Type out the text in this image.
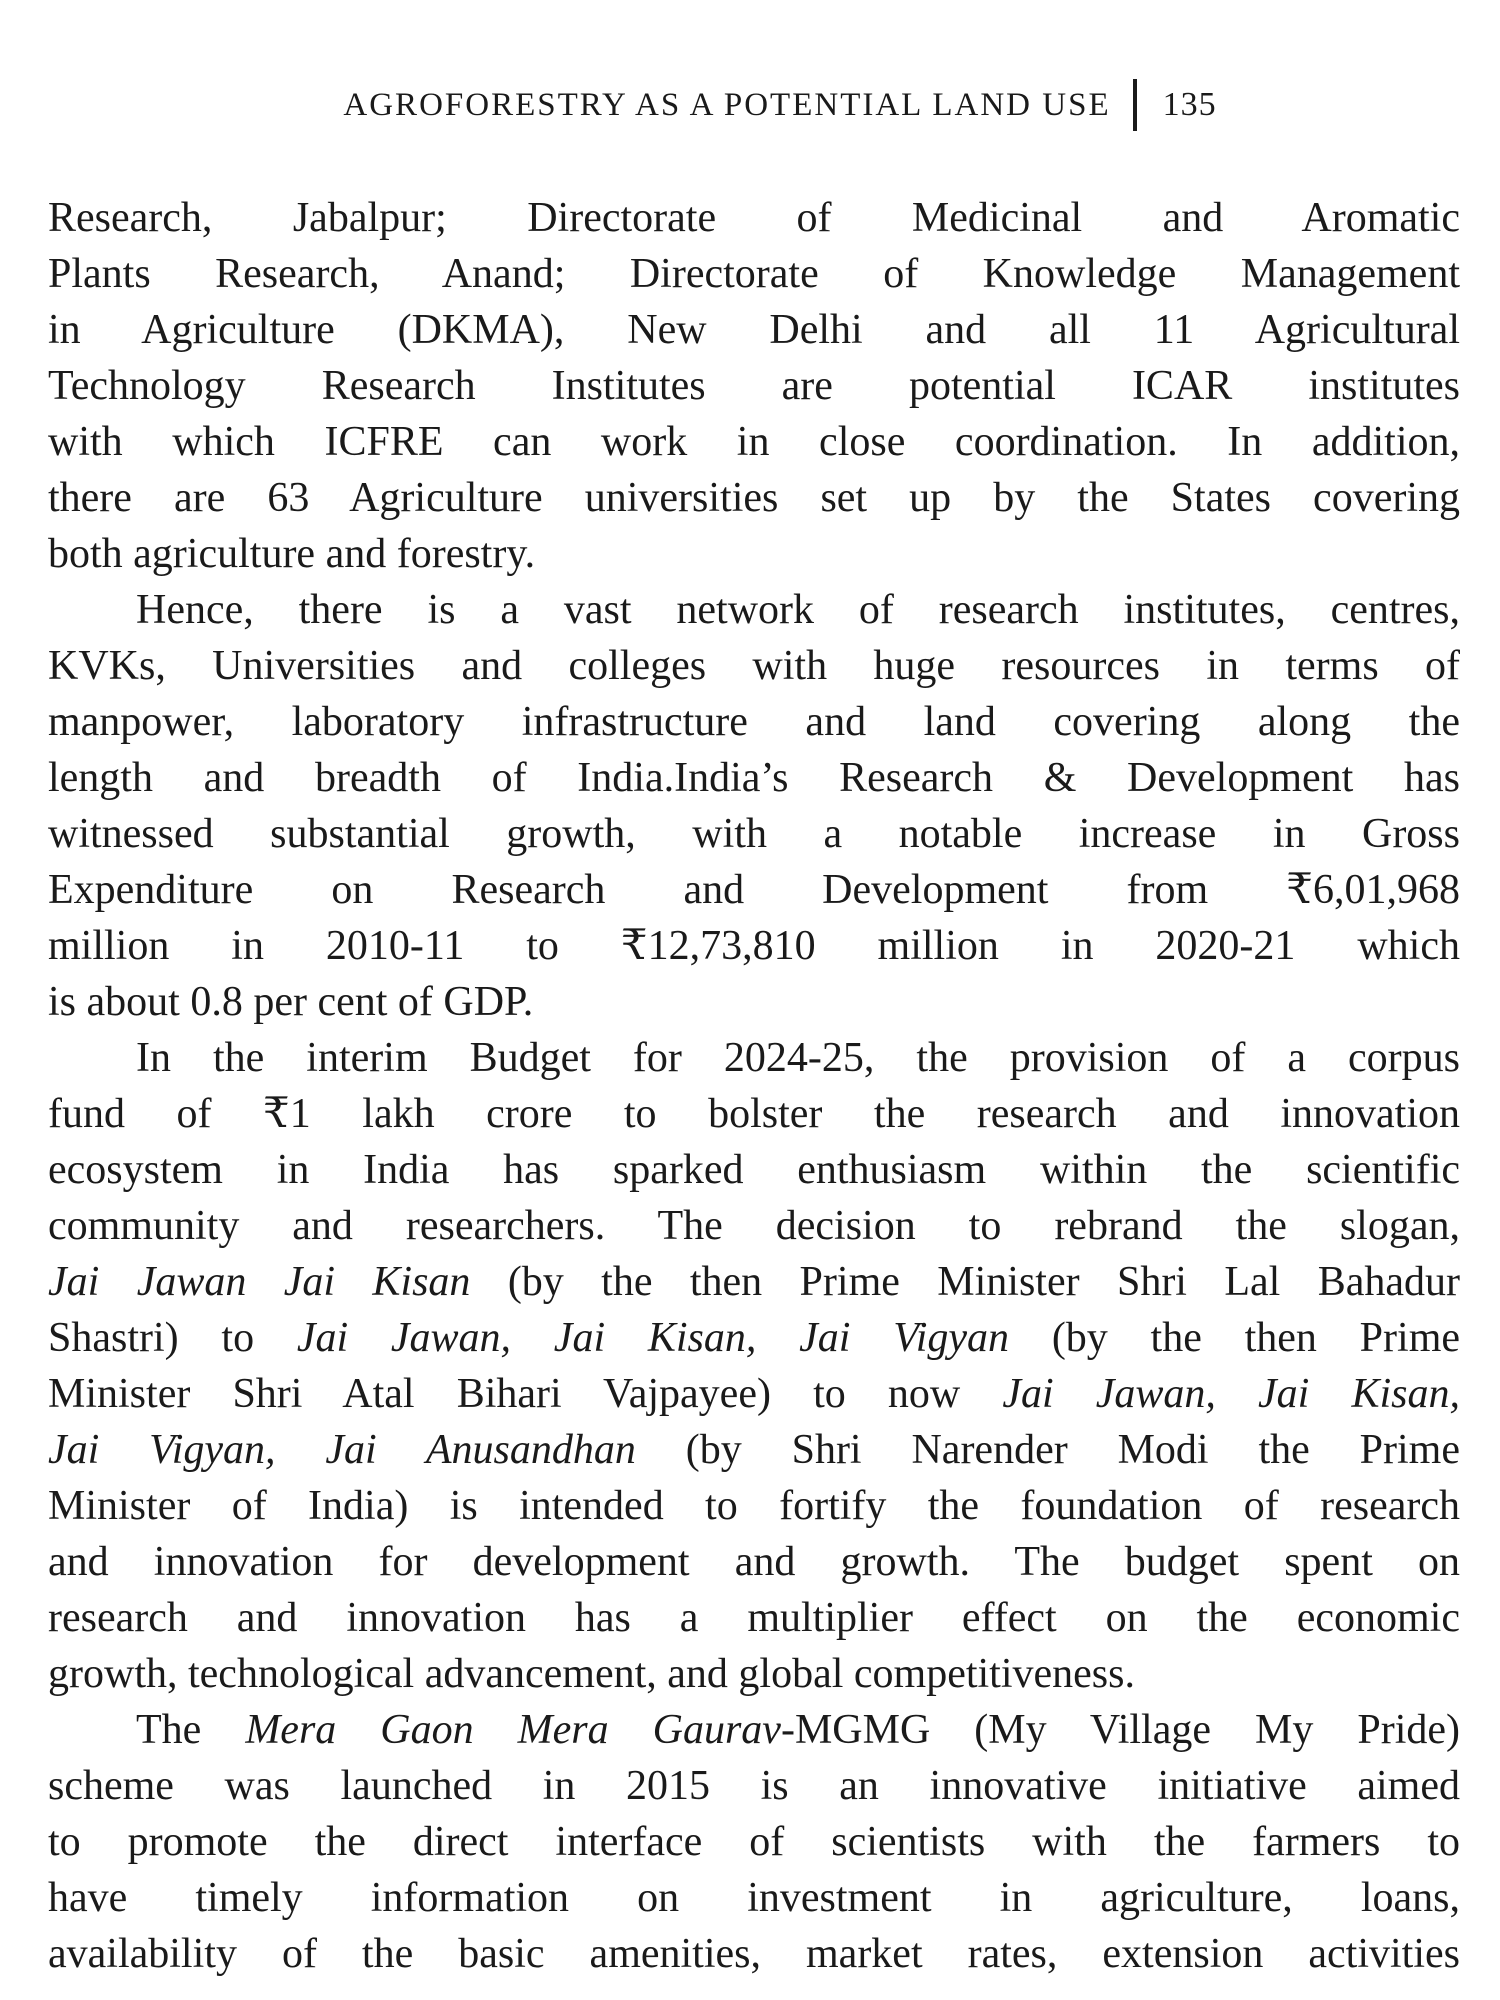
AGROFORESTRY AS A POTENTIAL LAND USE 135
Research, Jabalpur; Directorate of Medicinal and Aromatic
Plants Research, Anand; Directorate of Knowledge Management
in Agriculture (DKMA), New Delhi and all 11 Agricultural
Technology Research Institutes are potential ICAR institutes
with which ICFRE can work in close coordination. In addition,
there are 63 Agriculture universities set up by the States covering
both agriculture and forestry.
Hence, there is a vast network of research institutes, centres,
KVKs, Universities and colleges with huge resources in terms of
manpower, laboratory infrastructure and land covering along the
length and breadth of India.India’s Research & Development has
witnessed substantial growth, with a notable increase in Gross
Expenditure on Research and Development from ₹6,01,968
million in 2010-11 to ₹12,73,810 million in 2020-21 which
is about 0.8 per cent of GDP.
In the interim Budget for 2024-25, the provision of a corpus
fund of ₹1 lakh crore to bolster the research and innovation
ecosystem in India has sparked enthusiasm within the scientific
community and researchers. The decision to rebrand the slogan,
Jai Jawan Jai Kisan (by the then Prime Minister Shri Lal Bahadur
Shastri) to Jai Jawan, Jai Kisan, Jai Vigyan (by the then Prime
Minister Shri Atal Bihari Vajpayee) to now Jai Jawan, Jai Kisan,
Jai Vigyan, Jai Anusandhan (by Shri Narender Modi the Prime
Minister of India) is intended to fortify the foundation of research
and innovation for development and growth. The budget spent on
research and innovation has a multiplier effect on the economic
growth, technological advancement, and global competitiveness.
The Mera Gaon Mera Gaurav-MGMG (My Village My Pride)
scheme was launched in 2015 is an innovative initiative aimed
to promote the direct interface of scientists with the farmers to
have timely information on investment in agriculture, loans,
availability of the basic amenities, market rates, extension activities
